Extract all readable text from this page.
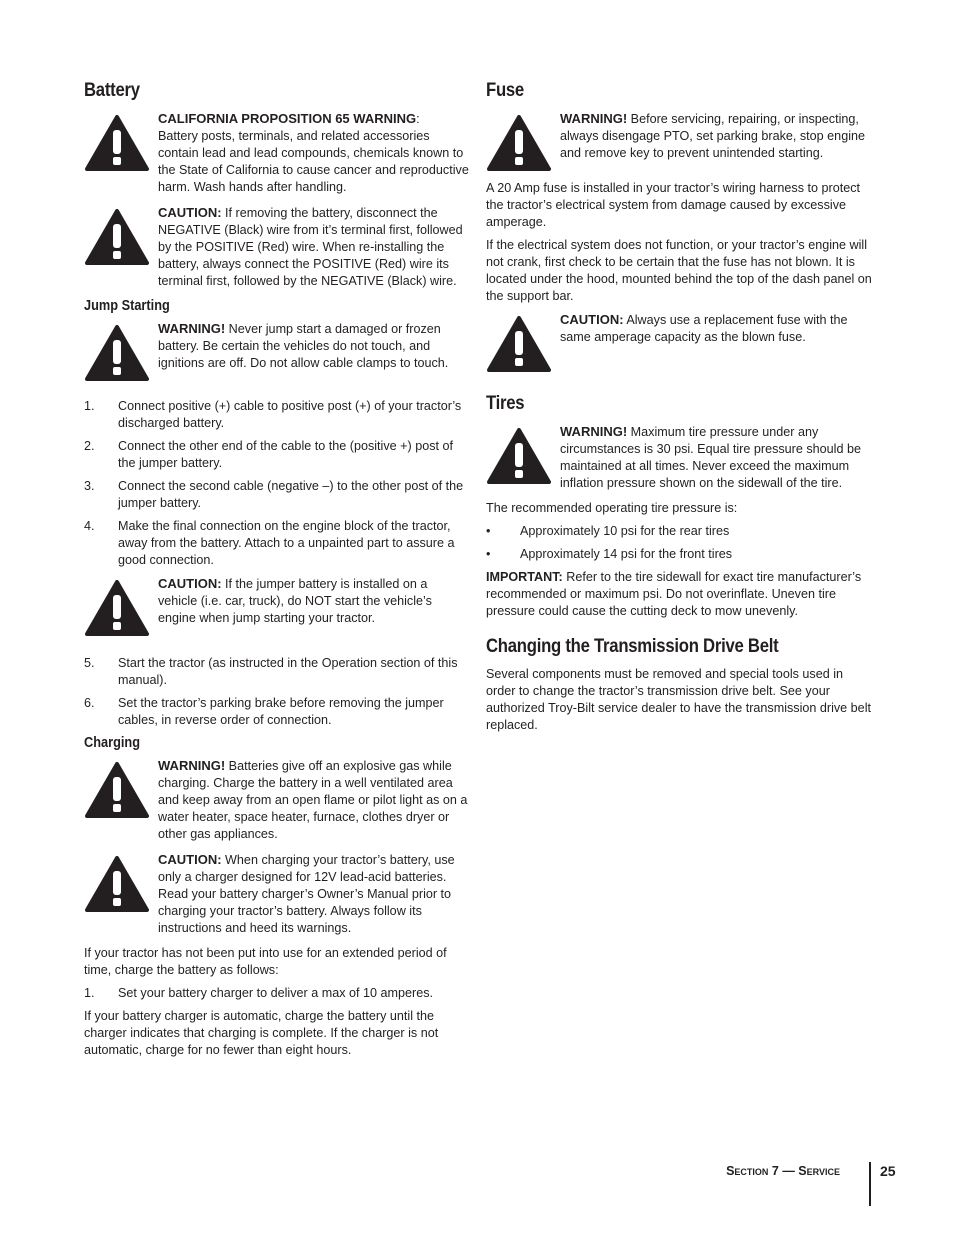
Battery

CALIFORNIA PROPOSITION 65 WARNING:
Battery posts, terminals, and related accessories contain lead and lead compounds, chemicals known to the State of California to cause cancer and reproductive harm. Wash hands after handling.

CAUTION: If removing the battery, disconnect the NEGATIVE (Black) wire from it’s terminal first, followed by the POSITIVE (Red) wire. When re-installing the battery, always connect the POSITIVE (Red) wire its terminal first, followed by the NEGATIVE (Black) wire.

Jump Starting

WARNING! Never jump start a damaged or frozen battery. Be certain the vehicles do not touch, and ignitions are off. Do not allow cable clamps to touch.

1.	Connect positive (+) cable to positive post (+) of your tractor’s discharged battery.
2.	Connect the other end of the cable to the (positive +) post of the jumper battery.
3.	Connect the second cable (negative –) to the other post of the jumper battery.
4.	Make the final connection on the engine block of the tractor, away from the battery. Attach to a unpainted part to assure a good connection.

CAUTION: If the jumper battery is installed on a vehicle (i.e. car, truck), do NOT start the vehicle’s engine when jump starting your tractor.

5.	Start the tractor (as instructed in the Operation section of this manual).
6.	Set the tractor’s parking brake before removing the jumper cables, in reverse order of connection.
Charging

WARNING! Batteries give off an explosive gas while charging. Charge the battery in a well ventilated area and keep away from an open flame or pilot light as on a water heater, space heater, furnace, clothes dryer or other gas appliances.

CAUTION: When charging your tractor’s battery, use only a charger designed for 12V lead-acid batteries. Read your battery charger’s Owner’s Manual prior to charging your tractor’s battery. Always follow its instructions and heed its warnings.

If your tractor has not been put into use for an extended period of time, charge the battery as follows:

1.	Set your battery charger to deliver a max of 10 amperes.

If your battery charger is automatic, charge the battery until the charger indicates that charging is complete. If the charger is not automatic, charge for no fewer than eight hours.

Fuse

WARNING! Before servicing, repairing, or inspecting, always disengage PTO, set parking brake, stop engine and remove key to prevent unintended starting.

A 20 Amp fuse is installed in your tractor’s wiring harness to protect the tractor’s electrical system from damage caused by excessive amperage.

If the electrical system does not function, or your tractor’s engine will not crank, first check to be certain that the fuse has not blown. It is located under the hood, mounted behind the top of the dash panel on the support bar.

CAUTION: Always use a replacement fuse with the same amperage capacity as the blown fuse.

Tires

WARNING! Maximum tire pressure under any circumstances is 30 psi. Equal tire pressure should be maintained at all times. Never exceed the maximum inflation pressure shown on the sidewall of the tire.

The recommended operating tire pressure is:

•	Approximately 10 psi for the rear tires
•	Approximately 14 psi for the front tires

IMPORTANT: Refer to the tire sidewall for exact tire manufacturer’s recommended or maximum psi. Do not overinflate. Uneven tire pressure could cause the cutting deck to mow unevenly.

Changing the Transmission Drive Belt

Several components must be removed and special tools used in order to change the tractor’s transmission drive belt. See your authorized Troy-Bilt service dealer to have the transmission drive belt replaced.

Section 7 — Service	25
